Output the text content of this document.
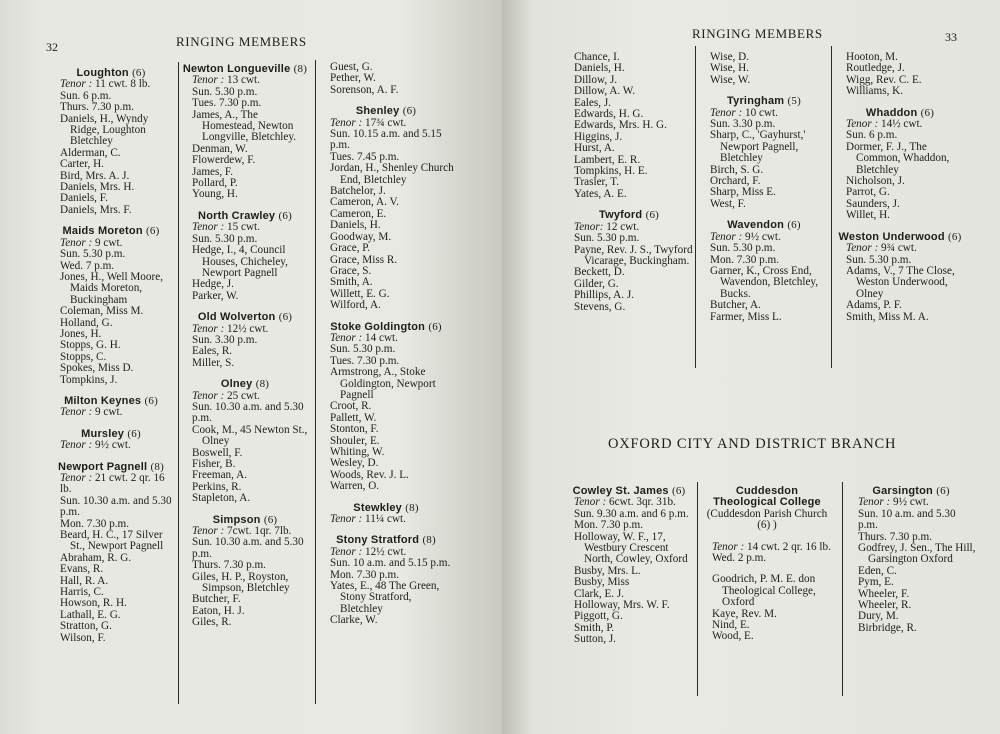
32	RINGING MEMBERS
Loughton (6)
Tenor : 11 cwt. 8 lb.
Sun. 6 p.m.
Thurs. 7.30 p.m.
Daniels, H., Wyndy Ridge, Loughton Bletchley
Alderman, C.
Carter, H.
Bird, Mrs. A. J.
Daniels, Mrs. H.
Daniels, F.
Daniels, Mrs. F.
Maids Moreton (6)
Tenor : 9 cwt.
Sun. 5.30 p.m.
Wed. 7 p.m.
Jones, H., Well Moore, Maids Moreton, Buckingham
Coleman, Miss M.
Holland, G.
Jones, H.
Stopps, G. H.
Stopps, C.
Spokes, Miss D.
Tompkins, J.
Milton Keynes (6)
Tenor : 9 cwt.
Mursley (6)
Tenor : 9½ cwt.
Newport Pagnell (8)
Tenor : 21 cwt. 2 qr. 16 lb.
Sun. 10.30 a.m. and 5.30 p.m.
Mon. 7.30 p.m.
Beard, H. C., 17 Silver St., Newport Pagnell
Abraham, R. G.
Evans, R.
Hall, R. A.
Harris, C.
Howson, R. H.
Lathall, E. G.
Stratton, G.
Wilson, F.
Newton Longueville (8)
Tenor : 13 cwt.
Sun. 5.30 p.m.
Tues. 7.30 p.m.
James, A., The Homestead, Newton Longville, Bletchley.
Denman, W.
Flowerdew, F.
James, F.
Pollard, P.
Young, H.
North Crawley (6)
Tenor : 15 cwt.
Sun. 5.30 p.m.
Hedge, I., 4, Council Houses, Chicheley, Newport Pagnell
Hedge, J.
Parker, W.
Old Wolverton (6)
Tenor : 12½ cwt.
Sun. 3.30 p.m.
Eales, R.
Miller, S.
Olney (8)
Tenor : 25 cwt.
Sun. 10.30 a.m. and 5.30 p.m.
Cook, M., 45 Newton St., Olney
Boswell, F.
Fisher, B.
Freeman, A.
Perkins, R.
Stapleton, A.
Simpson (6)
Tenor : 7cwt. 1qr. 7lb.
Sun. 10.30 a.m. and 5.30 p.m.
Thurs. 7.30 p.m.
Giles, H. P., Royston, Simpson, Bletchley
Butcher, F.
Eaton, H. J.
Giles, R.
Guest, G.
Pether, W.
Sorenson, A. F.
Shenley (6)
Tenor : 17¾ cwt.
Sun. 10.15 a.m. and 5.15 p.m.
Tues. 7.45 p.m.
Jordan, H., Shenley Church End, Bletchley
Batchelor, J.
Cameron, A. V.
Cameron, E.
Daniels, H.
Goodway, M.
Grace, P.
Grace, Miss R.
Grace, S.
Smith, A.
Willett, E. G.
Wilford, A.
Stoke Goldington (6)
Tenor : 14 cwt.
Sun. 5.30 p.m.
Tues. 7.30 p.m.
Armstrong, A., Stoke Goldington, Newport Pagnell
Croot, R.
Pallett, W.
Stonton, F.
Shouler, E.
Whiting, W.
Wesley, D.
Woods, Rev. J. L.
Warren, O.
Stewkley (8)
Tenor : 11¼ cwt.
Stony Stratford (8)
Tenor : 12½ cwt.
Sun. 10 a.m. and 5.15 p.m.
Mon. 7.30 p.m.
Yates, E., 48 The Green, Stony Stratford, Bletchley
Clarke, W.
RINGING MEMBERS	33
Chance, I.
Daniels, H.
Dillow, J.
Dillow, A. W.
Eales, J.
Edwards, H. G.
Edwards, Mrs. H. G.
Higgins, J.
Hurst, A.
Lambert, E. R.
Tompkins, H. E.
Trasler, T.
Yates, A. E.
Twyford (6)
Tenor: 12 cwt.
Sun. 5.30 p.m.
Payne, Rev. J. S., Twyford Vicarage, Buckingham.
Beckett, D.
Gilder, G.
Phillips, A. J.
Stevens, G.
Wise, D.
Wise, H.
Wise, W.
Tyringham (5)
Tenor : 10 cwt.
Sun. 3.30 p.m.
Sharp, C., 'Gayhurst,' Newport Pagnell, Bletchley
Birch, S. G.
Orchard, F.
Sharp, Miss E.
West, F.
Wavendon (6)
Tenor : 9½ cwt.
Sun. 5.30 p.m.
Mon. 7.30 p.m.
Garner, K., Cross End, Wavendon, Bletchley, Bucks.
Butcher, A.
Farmer, Miss L.
Hooton, M.
Routledge, J.
Wigg, Rev. C. E.
Williams, K.
Whaddon (6)
Tenor : 14½ cwt.
Sun. 6 p.m.
Dormer, F. J., The Common, Whaddon, Bletchley
Nicholson, J.
Parrot, G.
Saunders, J.
Willet, H.
Weston Underwood (6)
Tenor : 9¾ cwt.
Sun. 5.30 p.m.
Adams, V., 7 The Close, Weston Underwood, Olney
Adams, P. F.
Smith, Miss M. A.
OXFORD CITY AND DISTRICT BRANCH
Cowley St. James (6)
Tenor : 6cwt. 3qr. 31b.
Sun. 9.30 a.m. and 6 p.m.
Mon. 7.30 p.m.
Holloway, W. F., 17, Westbury Crescent North, Cowley, Oxford
Busby, Mrs. L.
Busby, Miss
Clark, E. J.
Holloway, Mrs. W. F.
Piggott, G.
Smith, P.
Sutton, J.
Cuddesdon
Theological College
(Cuddesdon Parish Church (6) )
Tenor : 14 cwt. 2 qr. 16 lb.
Wed. 2 p.m.
Goodrich, P. M. E. don Theological College, Oxford
Kaye, Rev. M.
Nind, E.
Wood, E.
Garsington (6)
Tenor : 9½ cwt.
Sun. 10 a.m. and 5.30 p.m.
Thurs. 7.30 p.m.
Godfrey, J. Sen., The Hill, Garsington Oxford
Eden, C.
Pym, E.
Wheeler, F.
Wheeler, R.
Dury, M.
Birbridge, R.
